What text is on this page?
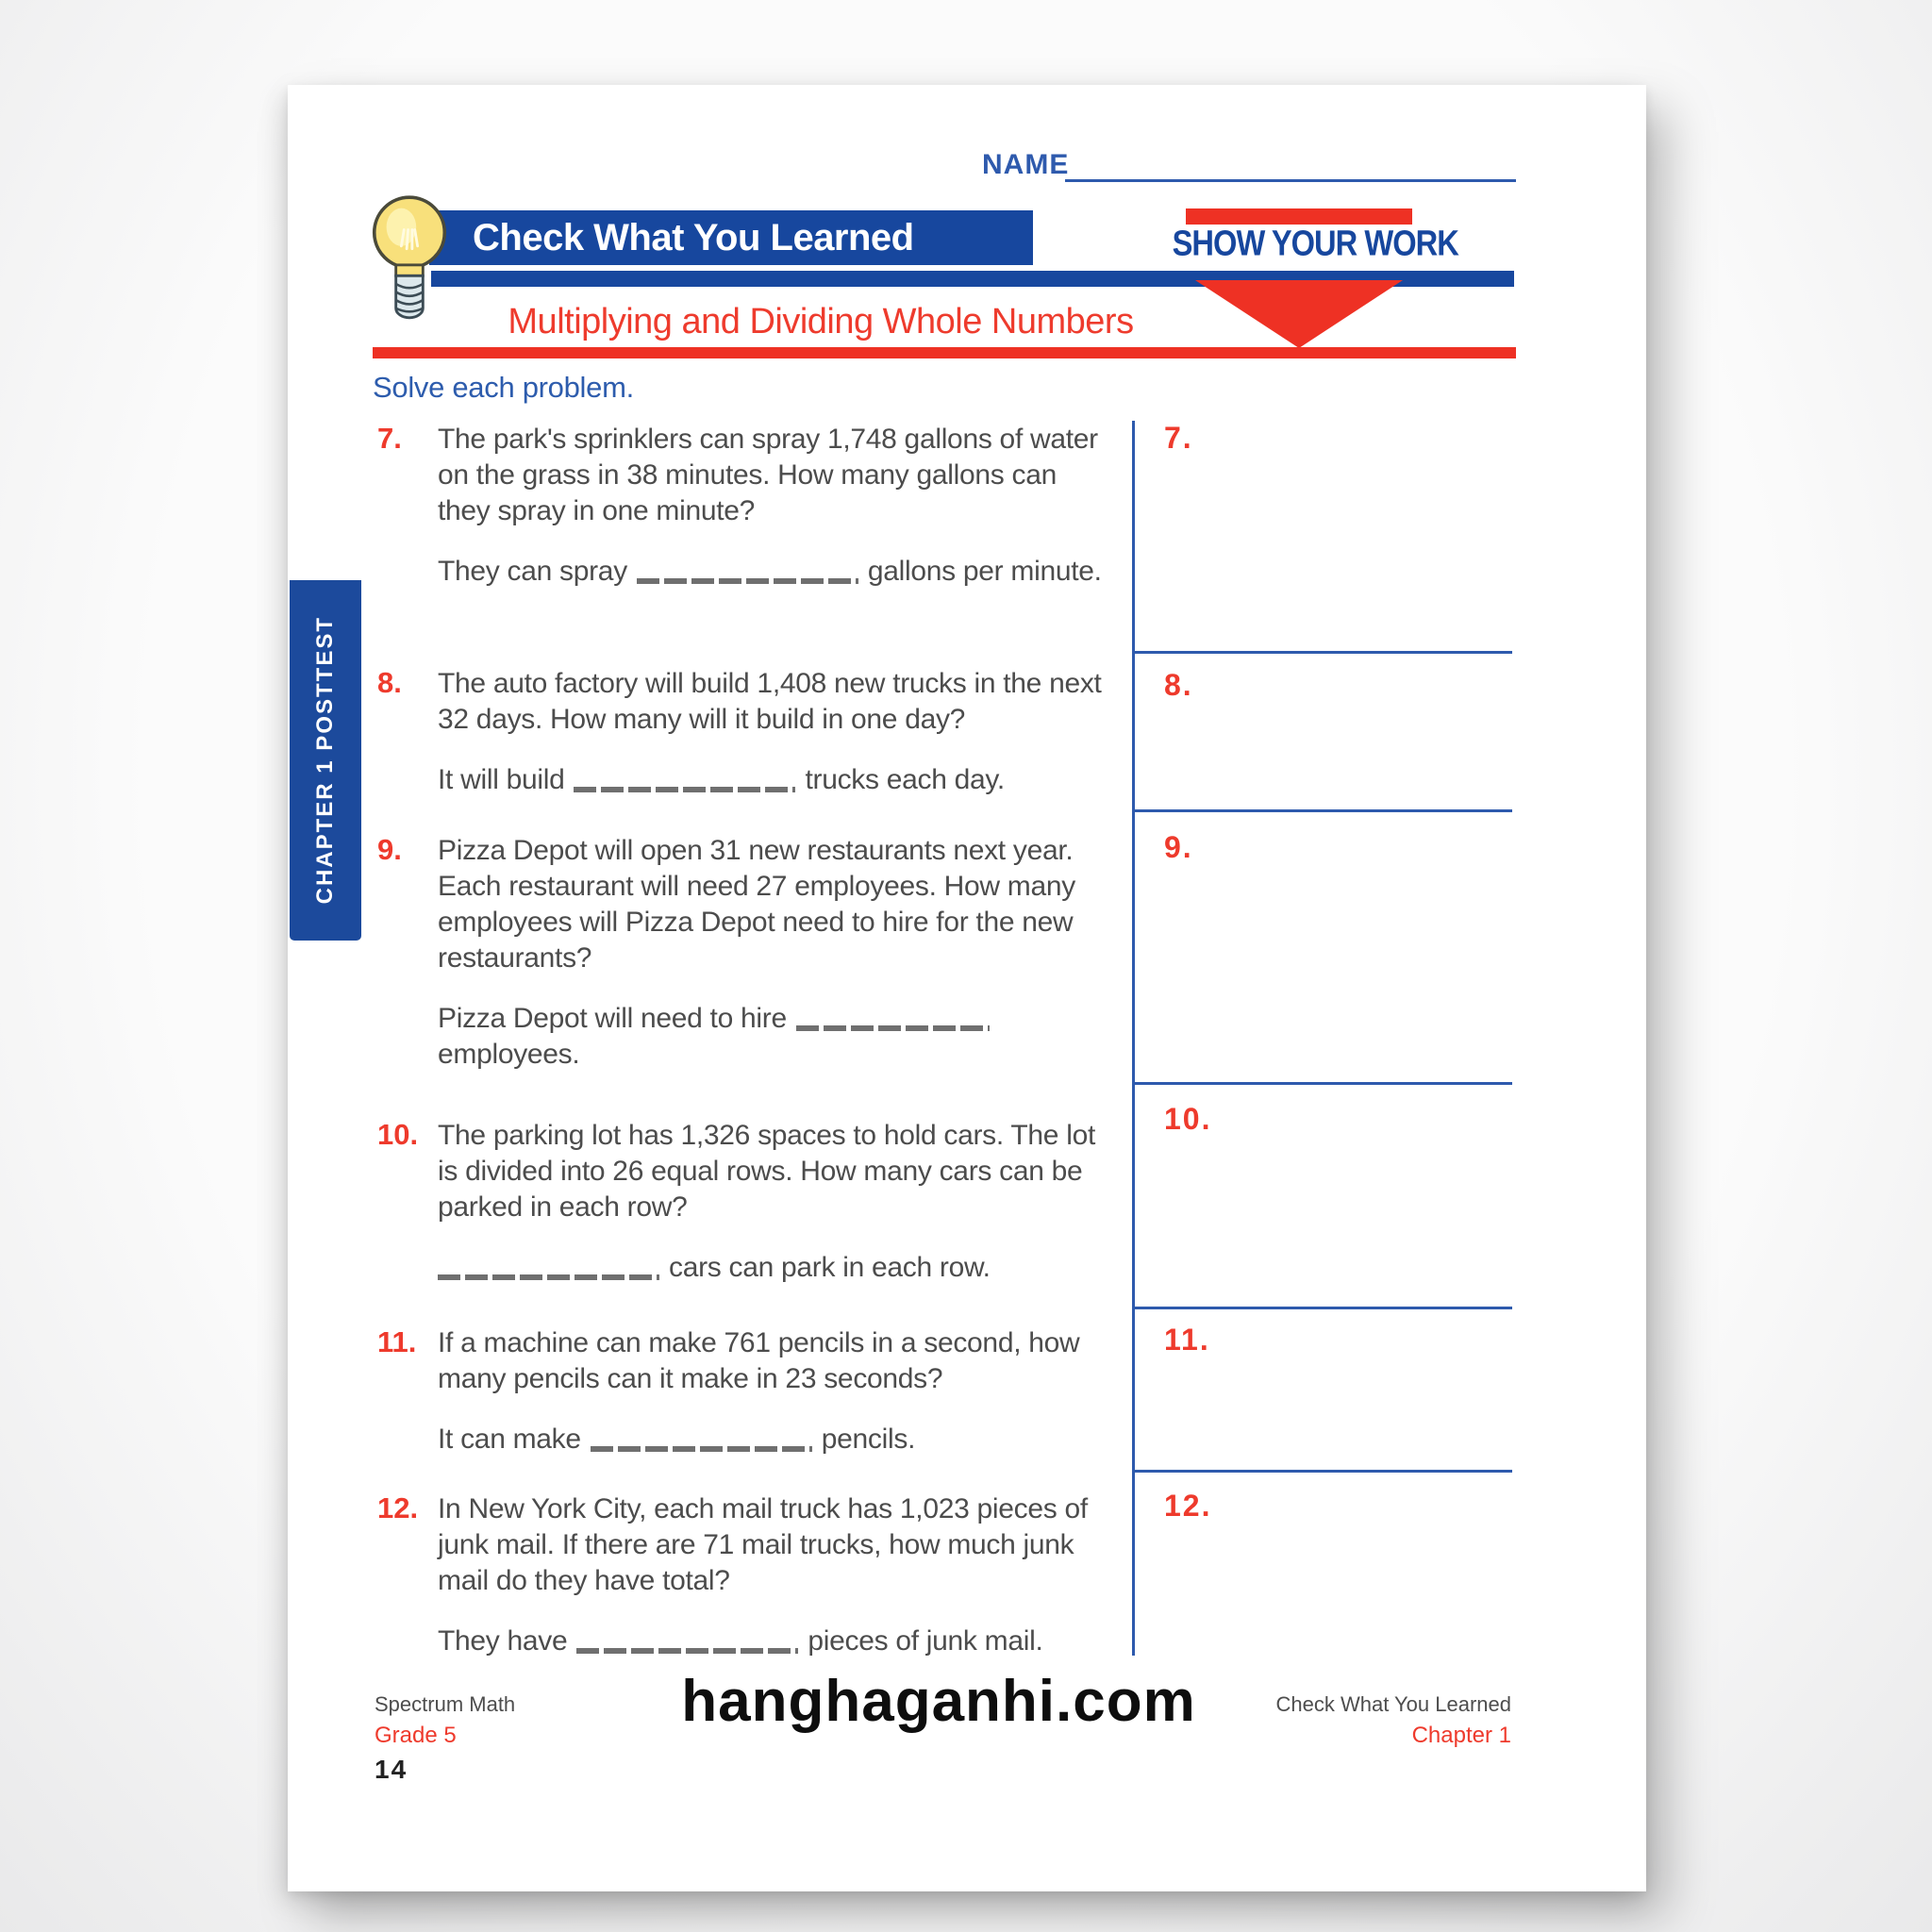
NAME
Check What You Learned	SHOW YOUR WORK
Multiplying and Dividing Whole Numbers
Solve each problem.
CHAPTER 1 POSTTEST
7.	The park's sprinklers can spray 1,748 gallons of water on the grass in 38 minutes. How many gallons can they spray in one minute?
They can spray	gallons per minute.
8.	The auto factory will build 1,408 new trucks in the next 32 days. How many will it build in one day?
It will build	trucks each day.
9.	Pizza Depot will open 31 new restaurants next year. Each restaurant will need 27 employees. How many employees will Pizza Depot need to hire for the new restaurants?
Pizza Depot will need to hireemployees.
10. The parking lot has 1,326 spaces to hold cars. The lot is divided into 26 equal rows. How many cars can be parked in each row?
cars can park in each row.
11. If a machine can make 761 pencils in a second, how many pencils can it make in 23 seconds?
It can make	pencils.
12. In New York City, each mail truck has 1,023 pieces of junk mail. If there are 71 mail trucks, how much junk mail do they have total?
They have	pieces of junk mail.
7.
8.
9.
10.
11.
12.
Spectrum Math
Grade 5
14
Check What You Learned
Chapter 1
hanghaganhi.com
